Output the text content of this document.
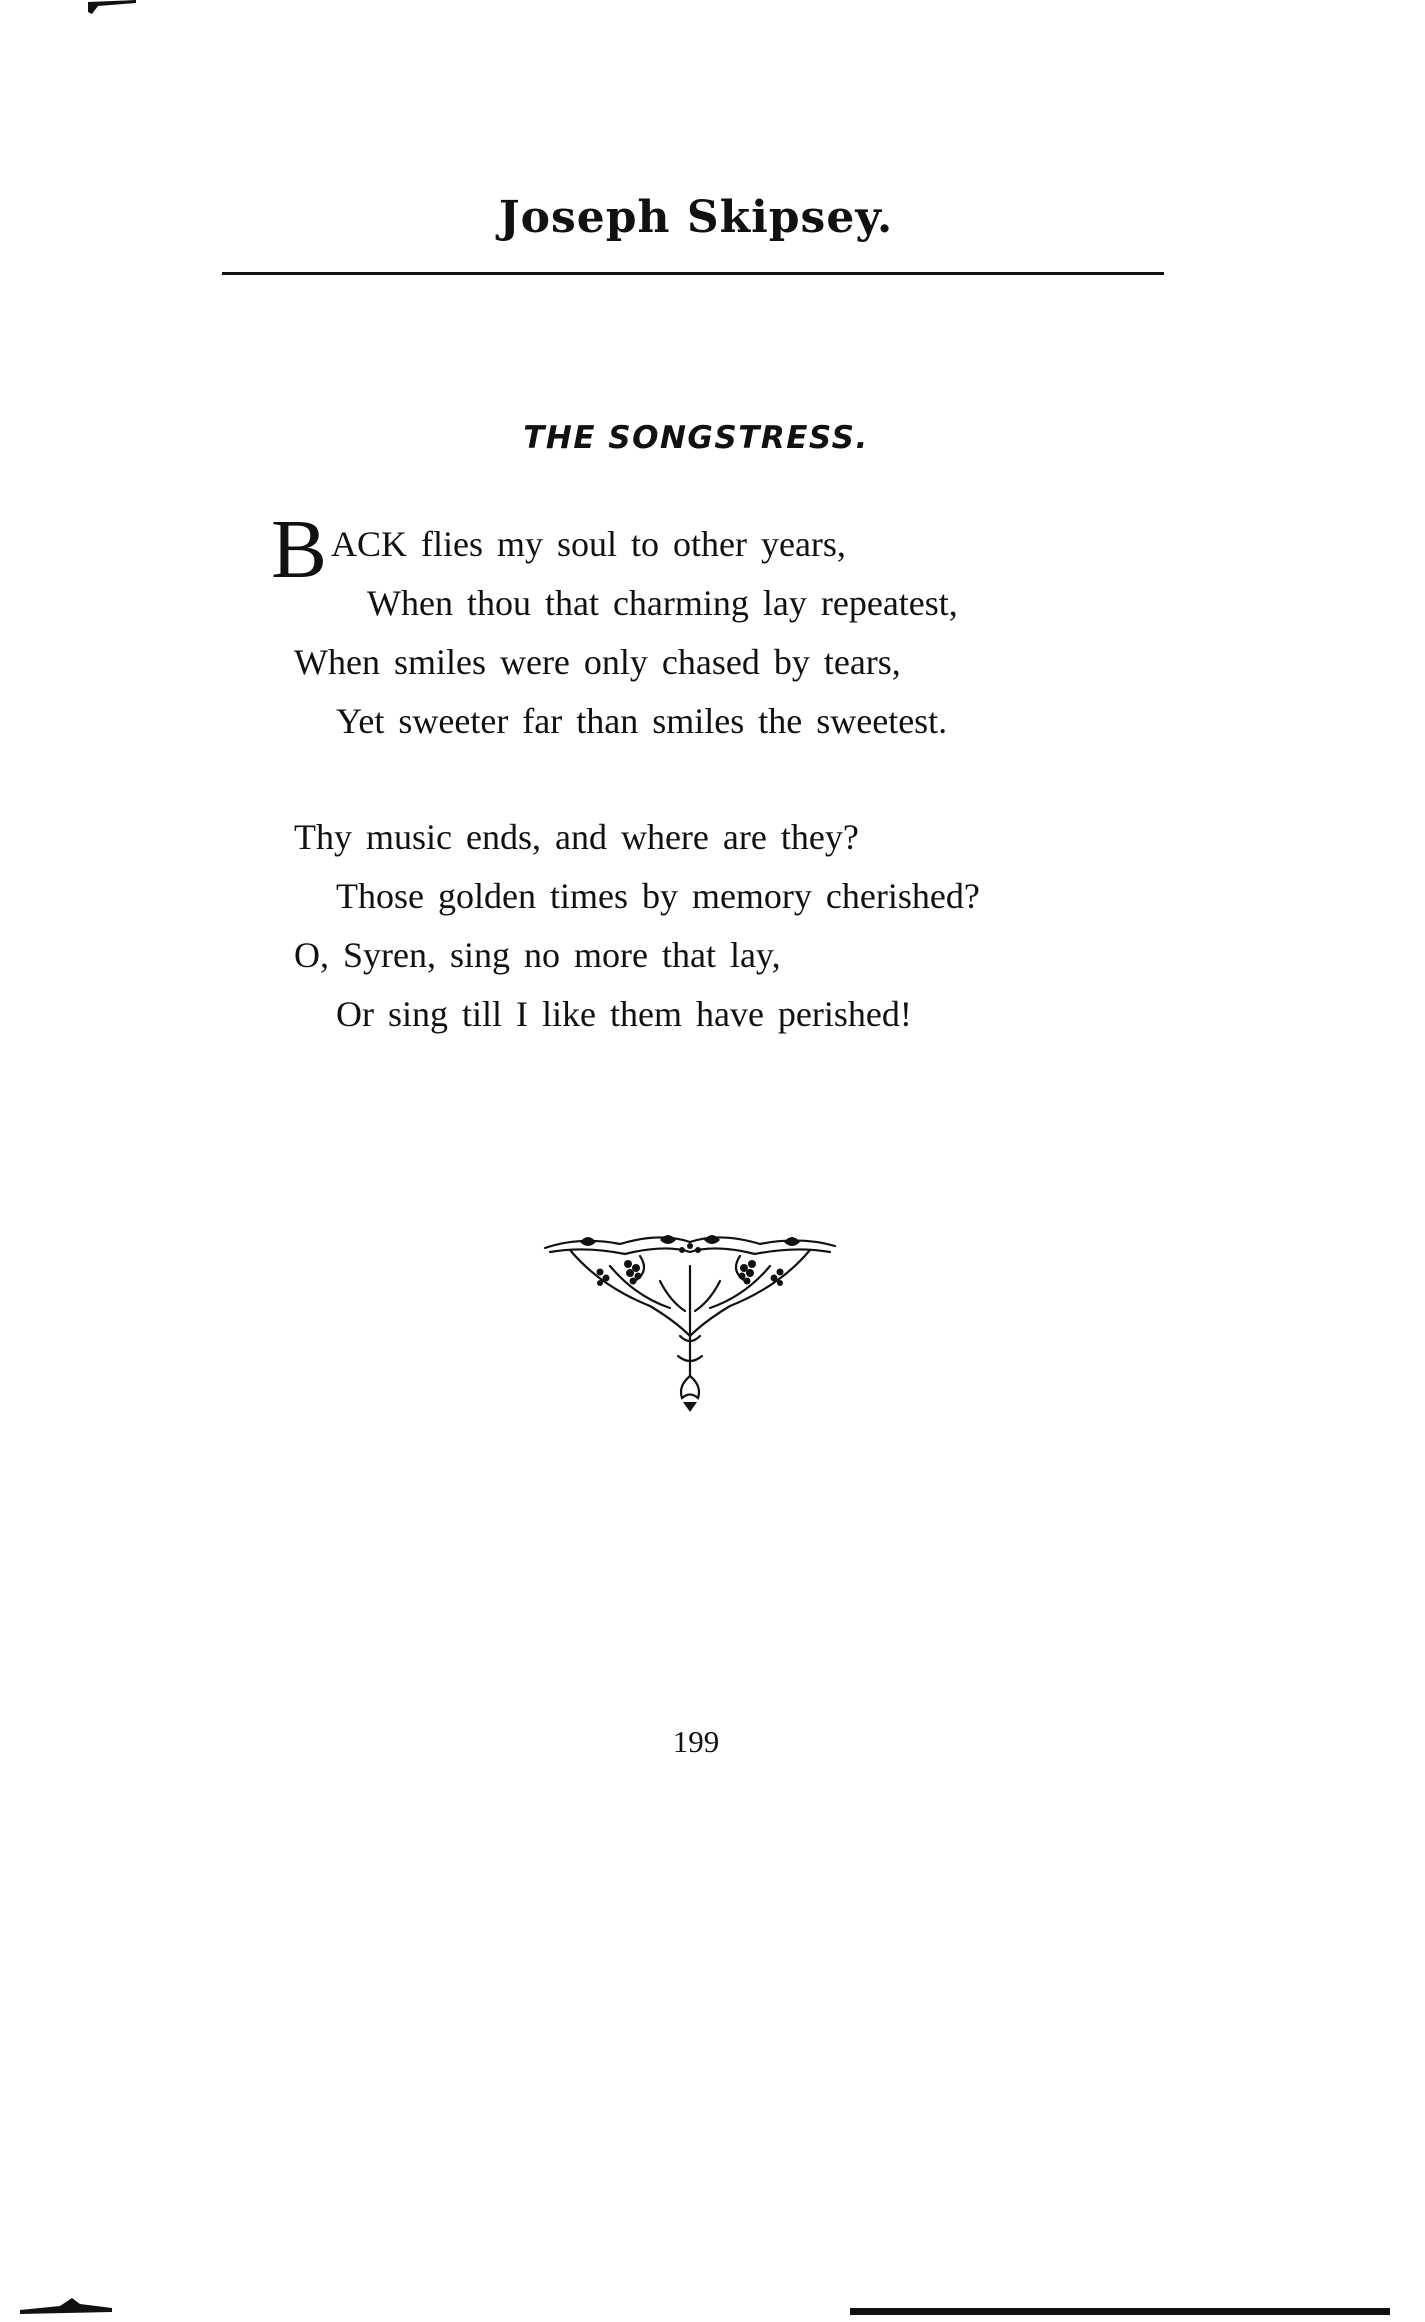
Joseph Skipsey.
THE SONGSTRESS.
B ACK flies my soul to other years,
When thou that charming lay repeatest,
When smiles were only chased by tears,
Yet sweeter far than smiles the sweetest.
Thy music ends, and where are they?
Those golden times by memory cherished?
O, Syren, sing no more that lay,
Or sing till I like them have perished!

199
